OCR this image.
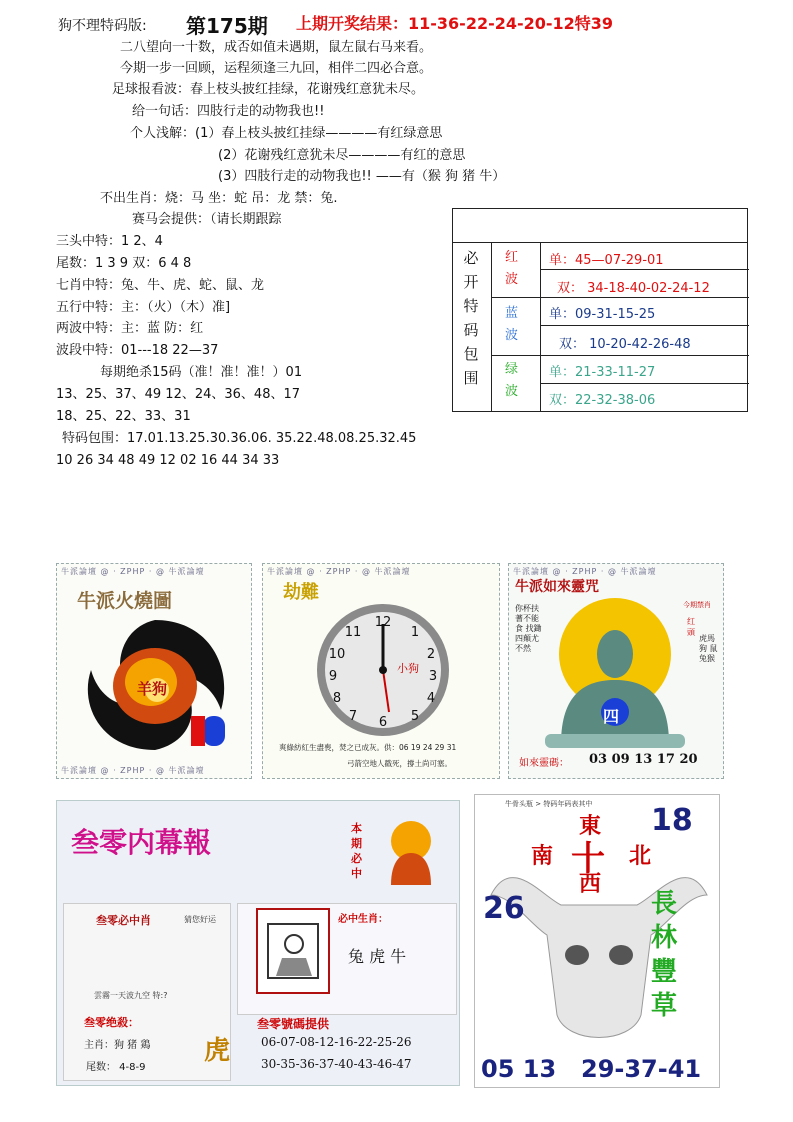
狗不理特码版: 第175期 上期开奖结果：11-36-22-24-20-12特39
二八望向一十数，成否如值未遇期，鼠左鼠右马来看。
今期一步一回顾，运程须逢三九回，相伴二四必合意。
足球报看波：春上枝头披红挂绿，花谢残红意犹未尽。
给一句话：四肢行走的动物我也!!
个人浅解：(1）春上枝头披红挂绿————有红绿意思
(2）花谢残红意犹未尽————有红的意思
(3）四肢行走的动物我也!! ——有（猴 狗 猪 牛）
不出生肖：烧：马 坐：蛇 吊：龙 禁：兔.
赛马会提供：（请长期跟踪
三头中特：1 2、4
尾数：1 3 9 双：6 4 8
七肖中特：兔、牛、虎、蛇、鼠、龙
五行中特：主：（火）（木）准]
两波中特：主：蓝 防：红
波段中特：01---18 22—37
每期绝杀15码（准！准！准！）01
13、25、37、49 12、24、36、48、17
18、25、22、33、31
特码包围：17.01.13.25.30.36.06. 35.22.48.08.25.32.45
10 26 34 48 49 12 02 16 44 34 33
必开特码包围
红波
单：45—07-29-01
双： 34-18-40-02-24-12
蓝波
单：09-31-15-25
双： 10-20-42-26-48
绿波
单：21-33-11-27
双：22-32-38-06
牛派論壇 @ · ZPHP · @ 牛派論壇
牛派論壇 @ · ZPHP · @ 牛派論壇
牛派火燒圖
羊狗
牛派論壇 @ · ZPHP · @ 牛派論壇
劫難
12
1
2
3
4
5
6
7
8
9
10
11
小狗
爽綠紡紅生盡喪，焚之已成灰。供：06 19 24 29 31
弓箭空地人戳死，撐土尚可塞。
牛派論壇 @ · ZPHP · @ 牛派論壇
牛派如來靈咒
你杯扶蓍不能食 找鋤四顛尤不然
今期禁肖
红 頭
虎馬狗 鼠兔猴
四
如來靈碼： 03 09 13 17 20
叁零内幕報	本期必中
叁零必中肖	猜您好运
雲霧一天波九空 特:?
叁零绝殺：
主肖：狗 猪 鶏
尾数： 4-8-9
虎
必中生肖：
兔 虎 牛
叁零號碼提供
06-07-08-12-16-22-25-26
30-35-36-37-40-43-46-47
牛骨头瓶 > 特码年码表其中
東
南 十 北
西
18
26	長林豐草
05 13 29-37-41
